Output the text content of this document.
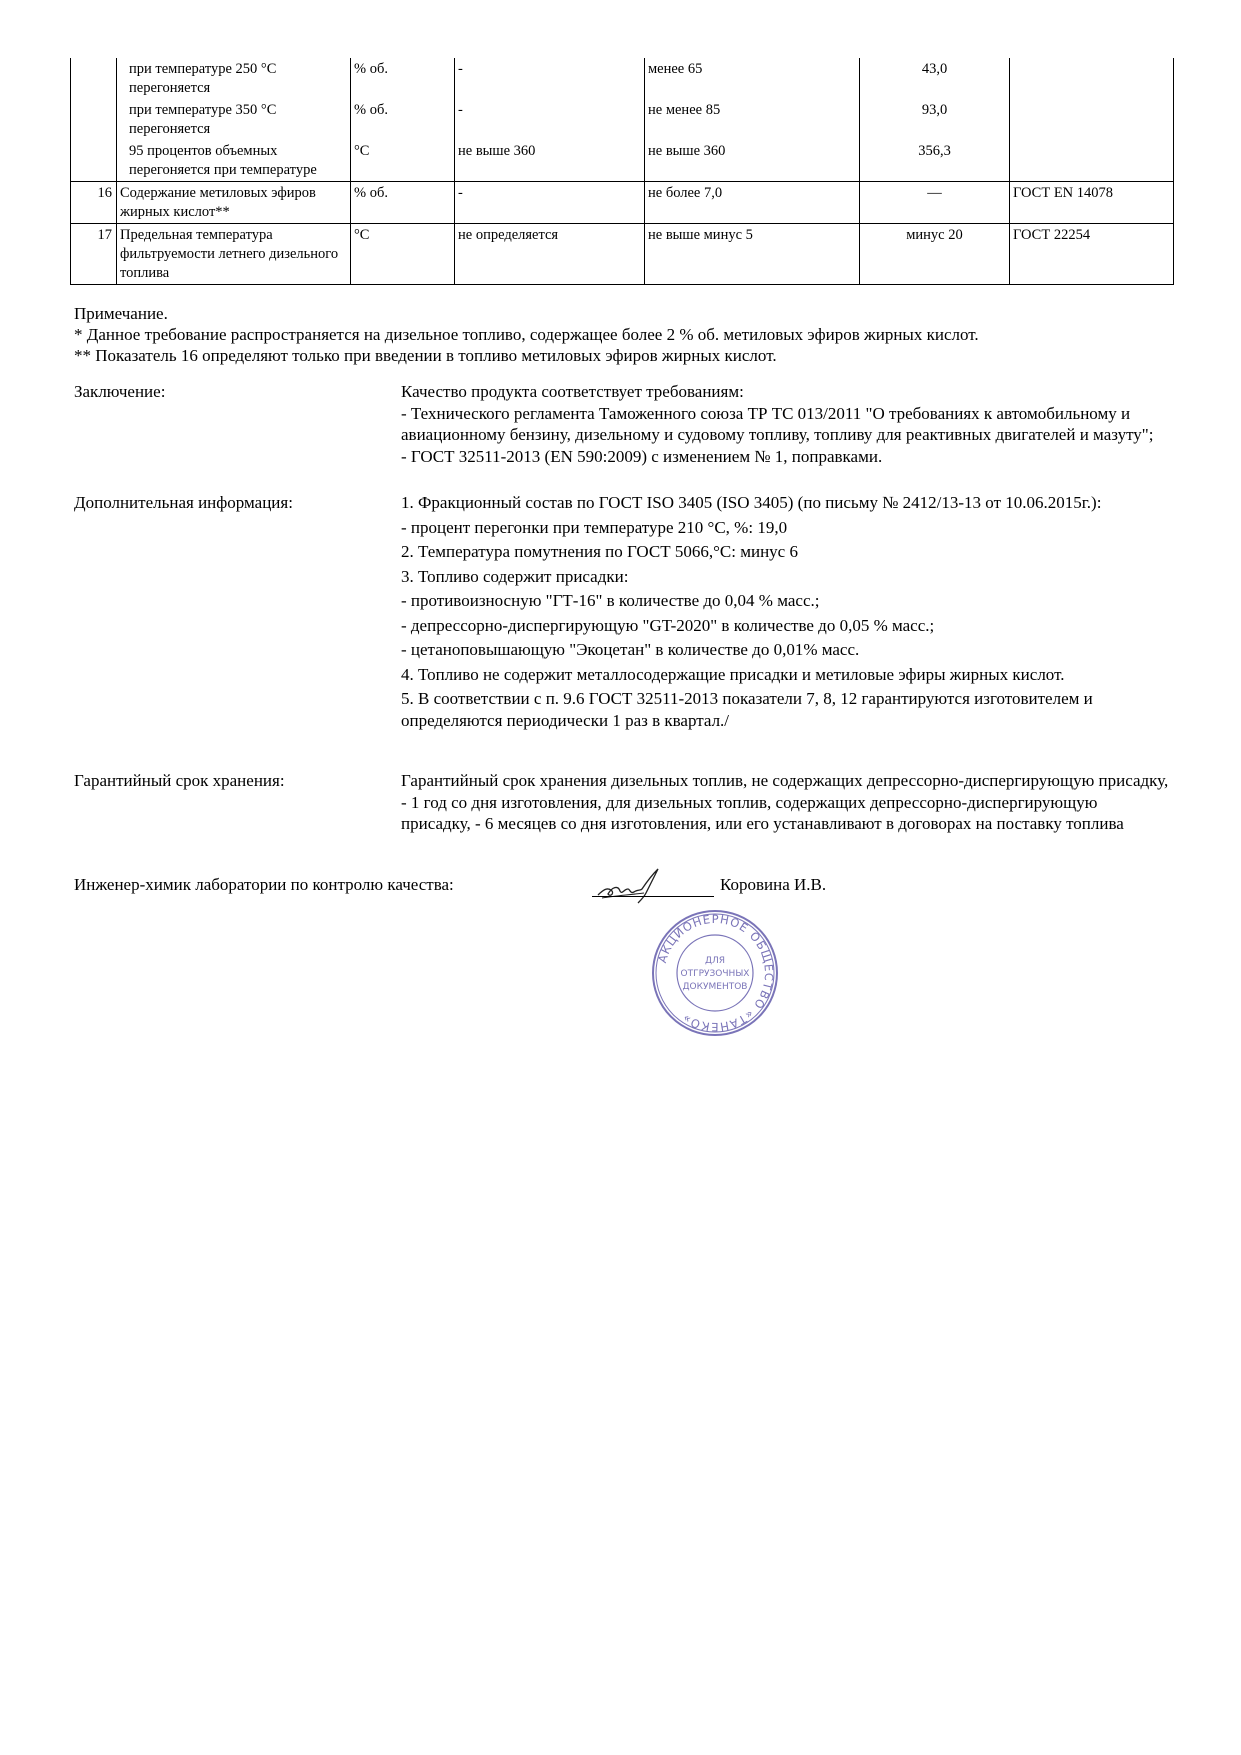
	при температуре 250 °С перегоняется	% об.	-	менее 65	43,0	
	при температуре 350 °С перегоняется	% об.	-	не менее 85	93,0	
	95 процентов объемных перегоняется при температуре	°С	не выше 360	не выше 360	356,3	
16	Содержание метиловых эфиров жирных кислот**	% об.	-	не более 7,0	—	ГОСТ EN 14078
17	Предельная температура фильтруемости летнего дизельного топлива	°С	не определяется	не выше минус 5	минус 20	ГОСТ 22254
Примечание.
* Данное требование распространяется на дизельное топливо, содержащее более 2 % об. метиловых эфиров жирных кислот.
** Показатель 16 определяют только при введении в топливо метиловых эфиров жирных кислот.
Заключение:	Качество продукта соответствует требованиям:

- Технического регламента Таможенного союза ТР ТС 013/2011 "О требованиях к автомобильному и авиационному бензину, дизельному и судовому топливу, топливу для реактивных двигателей и мазуту";

- ГОСТ 32511-2013 (EN 590:2009) с изменением № 1, поправками.

Дополнительная информация:	1. Фракционный состав по ГОСТ ISO 3405 (ISO 3405) (по письму № 2412/13-13 от 10.06.2015г.):

- процент перегонки при температуре 210 °С, %: 19,0

2. Температура помутнения по ГОСТ 5066,°С: минус 6

3. Топливо содержит присадки:

- противоизносную "ГТ-16" в количестве до 0,04 % масс.;

- депрессорно-диспергирующую "GT-2020" в количестве до 0,05 % масс.;

- цетаноповышающую "Экоцетан" в количестве до 0,01% масс.

4. Топливо не содержит металлосодержащие присадки и метиловые эфиры жирных кислот.

5. В соответствии с п. 9.6 ГОСТ 32511-2013 показатели 7, 8, 12 гарантируются изготовителем и определяются периодически 1 раз в квартал./

Гарантийный срок хранения:	Гарантийный срок хранения дизельных топлив, не содержащих депрессорно-диспергирующую присадку, - 1 год со дня изготовления, для дизельных топлив, содержащих депрессорно-диспергирующую присадку, - 6 месяцев со дня изготовления, или его устанавливают в договорах на поставку топлива

Инженер-химик лаборатории по контролю качества:	Коровина И.В.
АКЦИОНЕРНОЕ ОБЩЕСТВО «ТАНЕКО»
ДЛЯ
ОТГРУЗОЧНЫХ
ДОКУМЕНТОВ
